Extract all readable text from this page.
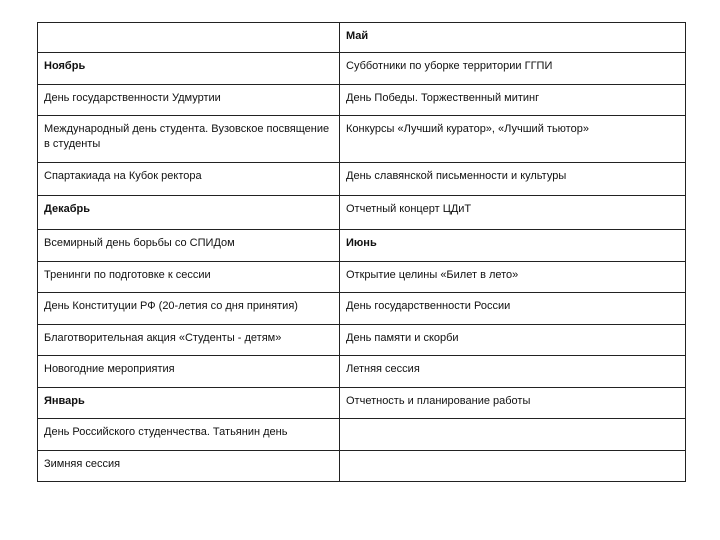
	Май
Ноябрь	Субботники по уборке территории ГГПИ
День государственности Удмуртии	День Победы. Торжественный митинг
Международный день студента. Вузовское посвящение в студенты	Конкурсы «Лучший куратор», «Лучший тьютор»
Спартакиада на Кубок ректора	День славянской письменности и культуры
Декабрь	Отчетный концерт ЦДиТ
Всемирный день борьбы со СПИДом	Июнь
Тренинги по подготовке к сессии	Открытие целины «Билет в лето»
День Конституции РФ (20-летия со дня принятия)	День государственности России
Благотворительная акция «Студенты - детям»	День памяти и скорби
Новогодние мероприятия	Летняя сессия
Январь	Отчетность и планирование работы
День Российского студенчества. Татьянин день	
Зимняя сессия	
